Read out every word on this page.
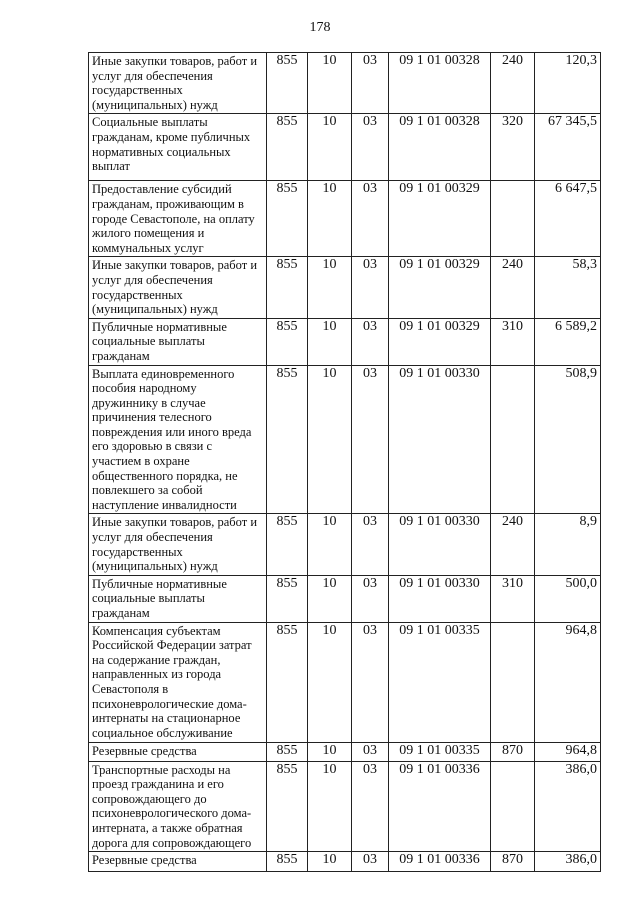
178
Иные закупки товаров, работ и услуг для обеспечения государственных (муниципальных) нужд	855	10	03	09 1 01 00328	240	120,3
Социальные выплаты гражданам, кроме публичных нормативных социальных выплат	855	10	03	09 1 01 00328	320	67 345,5
Предоставление субсидий гражданам, проживающим в городе Севастополе, на оплату жилого помещения и коммунальных услуг	855	10	03	09 1 01 00329		6 647,5
Иные закупки товаров, работ и услуг для обеспечения государственных (муниципальных) нужд	855	10	03	09 1 01 00329	240	58,3
Публичные нормативные социальные выплаты гражданам	855	10	03	09 1 01 00329	310	6 589,2
Выплата единовременного пособия народному дружиннику в случае причинения телесного повреждения или иного вреда его здоровью в связи с участием в охране общественного порядка, не повлекшего за собой наступление инвалидности	855	10	03	09 1 01 00330		508,9
Иные закупки товаров, работ и услуг для обеспечения государственных (муниципальных) нужд	855	10	03	09 1 01 00330	240	8,9
Публичные нормативные социальные выплаты гражданам	855	10	03	09 1 01 00330	310	500,0
Компенсация субъектам Российской Федерации затрат на содержание граждан, направленных из города Севастополя в психоневрологические дома-интернаты на стационарное социальное обслуживание	855	10	03	09 1 01 00335		964,8
Резервные средства	855	10	03	09 1 01 00335	870	964,8
Транспортные расходы на проезд гражданина и его сопровождающего до психоневрологического дома-интерната, а также обратная дорога для сопровождающего	855	10	03	09 1 01 00336		386,0
Резервные средства	855	10	03	09 1 01 00336	870	386,0
